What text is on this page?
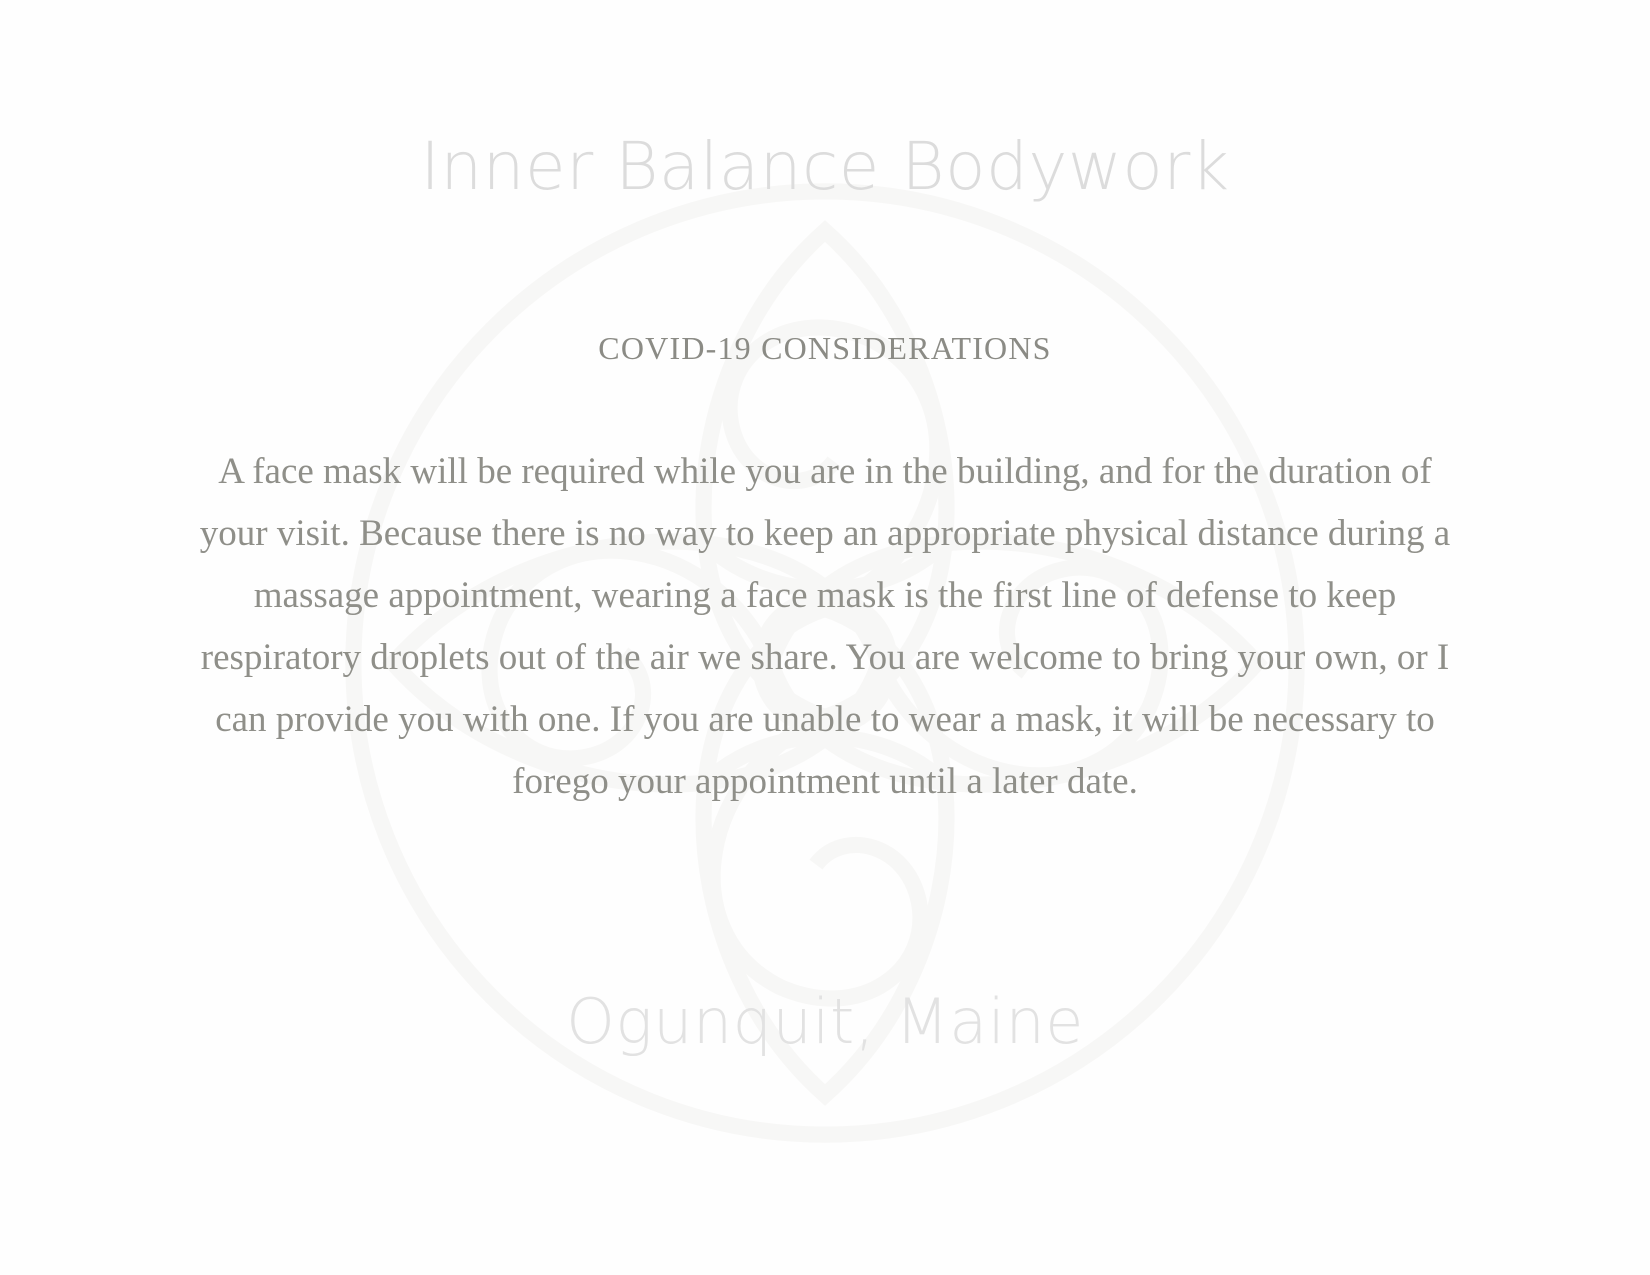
Inner Balance Bodywork
COVID-19 CONSIDERATIONS

A face mask will be required while you are in the building, and for the duration of your visit. Because there is no way to keep an appropriate physical distance during a massage appointment, wearing a face mask is the first line of defense to keep respiratory droplets out of the air we share. You are welcome to bring your own, or I can provide you with one. If you are unable to wear a mask, it will be necessary to forego your appointment until a later date.

Ogunquit, Maine
